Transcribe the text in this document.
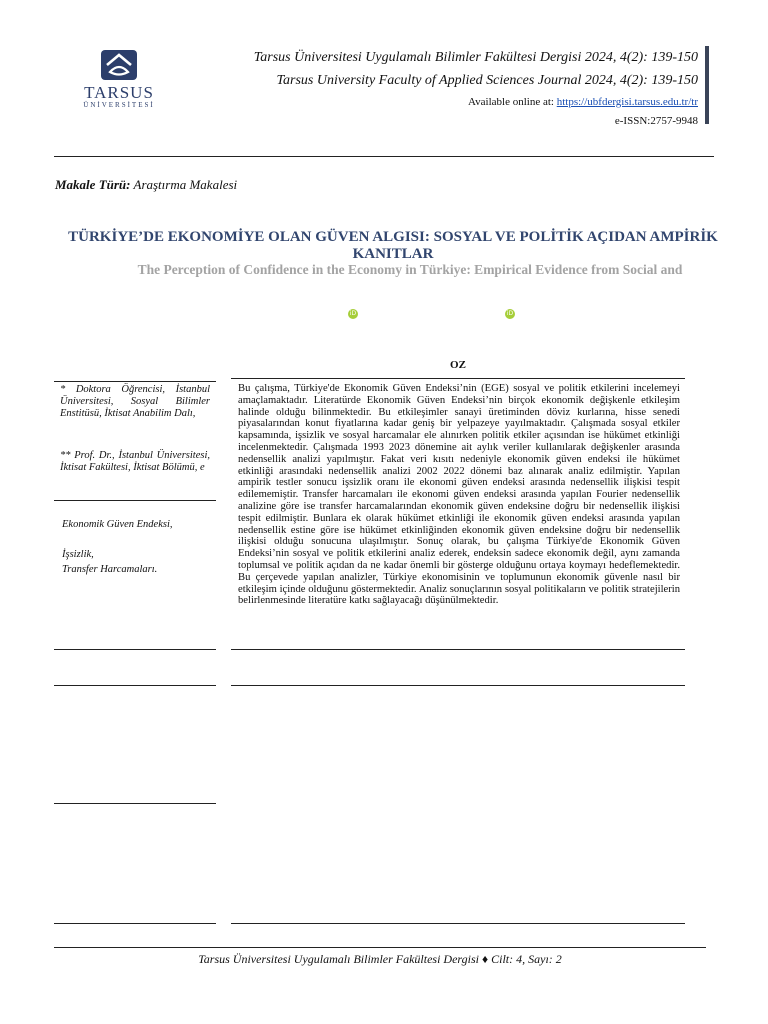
TARSUS
ÜNİVERSİTESİ
Tarsus Üniversitesi Uygulamalı Bilimler Fakültesi Dergisi 2024, 4(2): 139-150
Tarsus University Faculty of Applied Sciences Journal 2024, 4(2): 139-150
Available online at: https://ubfdergisi.tarsus.edu.tr/tr
e-ISSN:2757-9948
Makale Türü: Araştırma Makalesi
TÜRKİYE’DE EKONOMİYE OLAN GÜVEN ALGISI: SOSYAL VE POLİTİK AÇIDAN AMPİRİK KANITLAR
The Perception of Confidence in the Economy in Türkiye: Empirical Evidence from Social and
iD	iD
OZ
* Doktora Öğrencisi, İstanbul Üniversitesi, Sosyal Bilimler Enstitüsü, İktisat Anabilim Dalı,
** Prof. Dr., İstanbul Üniversitesi, İktisat Fakültesi, İktisat Bölümü, e
Ekonomik Güven Endeksi,
İşsizlik,
Transfer Harcamaları.
Bu çalışma, Türkiye'de Ekonomik Güven Endeksi’nin (EGE) sosyal ve politik etkilerini incelemeyi amaçlamaktadır. Literatürde Ekonomik Güven Endeksi’nin birçok ekonomik değişkenle etkileşim halinde olduğu bilinmektedir. Bu etkileşimler sanayi üretiminden döviz kurlarına, hisse senedi piyasalarından konut fiyatlarına kadar geniş bir yelpazeye yayılmaktadır. Çalışmada sosyal etkiler kapsamında, işsizlik ve sosyal harcamalar ele alınırken politik etkiler açısından ise hükümet etkinliği incelenmektedir. Çalışmada 1993 2023 dönemine ait aylık veriler kullanılarak değişkenler arasında nedensellik analizi yapılmıştır. Fakat veri kısıtı nedeniyle ekonomik güven endeksi ile hükümet etkinliği arasındaki nedensellik analizi 2002 2022 dönemi baz alınarak analiz edilmiştir. Yapılan ampirik testler sonucu işsizlik oranı ile ekonomi güven endeksi arasında nedensellik ilişkisi tespit edilememiştir. Transfer harcamaları ile ekonomi güven endeksi arasında yapılan Fourier nedensellik analizine göre ise transfer harcamalarından ekonomik güven endeksine doğru bir nedensellik ilişkisi tespit edilmiştir. Bunlara ek olarak hükümet etkinliği ile ekonomik güven endeksi arasında yapılan nedensellik estine göre ise hükümet etkinliğinden ekonomik güven endeksine doğru bir nedensellik ilişkisi olduğu sonucuna ulaşılmıştır. Sonuç olarak, bu çalışma Türkiye'de Ekonomik Güven Endeksi’nin sosyal ve politik etkilerini analiz ederek, endeksin sadece ekonomik değil, aynı zamanda toplumsal ve politik açıdan da ne kadar önemli bir gösterge olduğunu ortaya koymayı hedeflemektedir. Bu çerçevede yapılan analizler, Türkiye ekonomisinin ve toplumunun ekonomik güvenle nasıl bir etkileşim içinde olduğunu göstermektedir. Analiz sonuçlarının sosyal politikaların ve politik stratejilerin belirlenmesinde literatüre katkı sağlayacağı düşünülmektedir.
Tarsus Üniversitesi Uygulamalı Bilimler Fakültesi Dergisi ♦ Cilt: 4, Sayı: 2
